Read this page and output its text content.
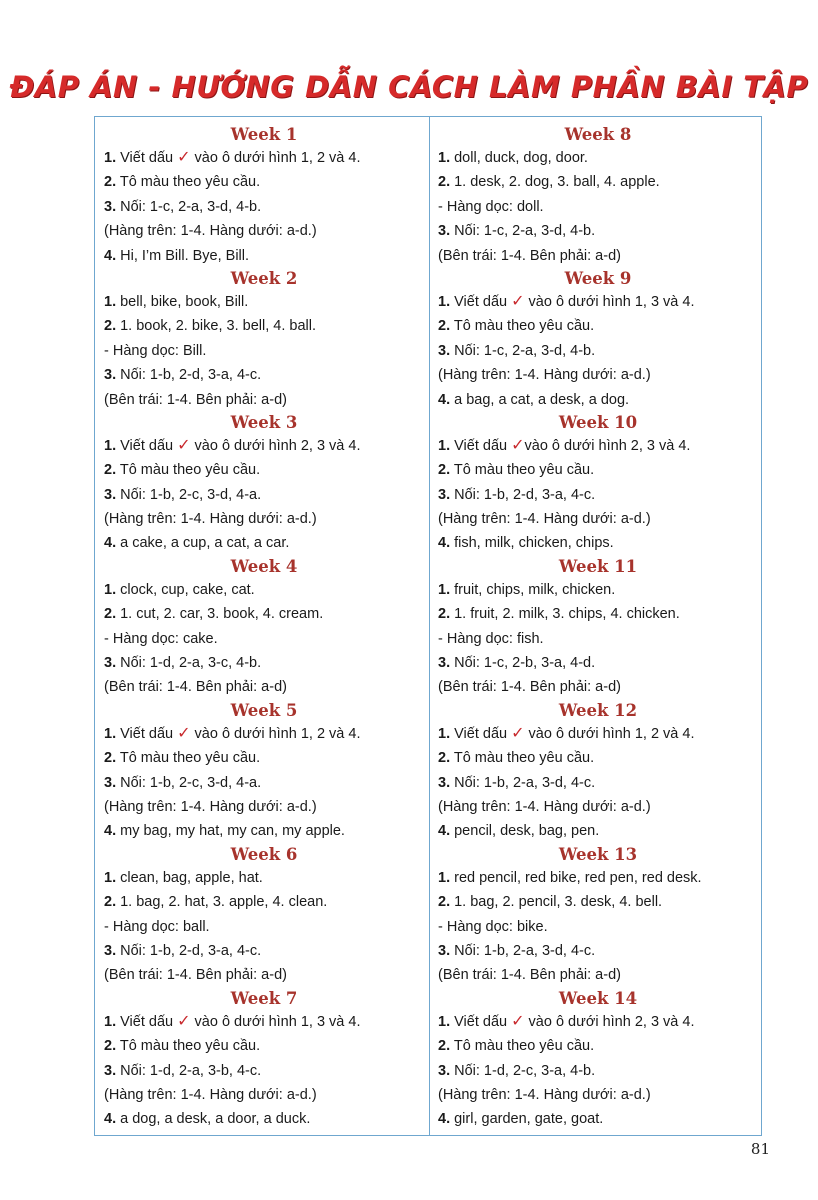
ĐÁP ÁN - HƯỚNG DẪN CÁCH LÀM PHẦN BÀI TẬP
Week 1
1. Viết dấu ✓ vào ô dưới hình 1, 2 và 4.
2. Tô màu theo yêu cầu.
3. Nối: 1-c, 2-a, 3-d, 4-b.
(Hàng trên: 1-4. Hàng dưới: a-d.)
4. Hi, I’m Bill. Bye, Bill.
Week 2
1. bell, bike, book, Bill.
2. 1. book, 2. bike, 3. bell, 4. ball.
- Hàng dọc: Bill.
3. Nối: 1-b, 2-d, 3-a, 4-c.
(Bên trái: 1-4. Bên phải: a-d)
Week 3
1. Viết dấu ✓ vào ô dưới hình 2, 3 và 4.
2. Tô màu theo yêu cầu.
3. Nối: 1-b, 2-c, 3-d, 4-a.
(Hàng trên: 1-4. Hàng dưới: a-d.)
4. a cake, a cup, a cat, a car.
Week 4
1. clock, cup, cake, cat.
2. 1. cut, 2. car, 3. book, 4. cream.
- Hàng dọc: cake.
3. Nối: 1-d, 2-a, 3-c, 4-b.
(Bên trái: 1-4. Bên phải: a-d)
Week 5
1. Viết dấu ✓ vào ô dưới hình 1, 2 và 4.
2. Tô màu theo yêu cầu.
3. Nối: 1-b, 2-c, 3-d, 4-a.
(Hàng trên: 1-4. Hàng dưới: a-d.)
4. my bag, my hat, my can, my apple.
Week 6
1. clean, bag, apple, hat.
2. 1. bag, 2. hat, 3. apple, 4. clean.
- Hàng dọc: ball.
3. Nối: 1-b, 2-d, 3-a, 4-c.
(Bên trái: 1-4. Bên phải: a-d)
Week 7
1. Viết dấu ✓ vào ô dưới hình 1, 3 và 4.
2. Tô màu theo yêu cầu.
3. Nối: 1-d, 2-a, 3-b, 4-c.
(Hàng trên: 1-4. Hàng dưới: a-d.)
4. a dog, a desk, a door, a duck.
Week 8
1. doll, duck, dog, door.
2. 1. desk, 2. dog, 3. ball, 4. apple.
- Hàng dọc: doll.
3. Nối: 1-c, 2-a, 3-d, 4-b.
(Bên trái: 1-4. Bên phải: a-d)
Week 9
1. Viết dấu ✓ vào ô dưới hình 1, 3 và 4.
2. Tô màu theo yêu cầu.
3. Nối: 1-c, 2-a, 3-d, 4-b.
(Hàng trên: 1-4. Hàng dưới: a-d.)
4. a bag, a cat, a desk, a dog.
Week 10
1. Viết dấu ✓vào ô dưới hình 2, 3 và 4.
2. Tô màu theo yêu cầu.
3. Nối: 1-b, 2-d, 3-a, 4-c.
(Hàng trên: 1-4. Hàng dưới: a-d.)
4. fish, milk, chicken, chips.
Week 11
1. fruit, chips, milk, chicken.
2. 1. fruit, 2. milk, 3. chips, 4. chicken.
- Hàng dọc: fish.
3. Nối: 1-c, 2-b, 3-a, 4-d.
(Bên trái: 1-4. Bên phải: a-d)
Week 12
1. Viết dấu ✓ vào ô dưới hình 1, 2 và 4.
2. Tô màu theo yêu cầu.
3. Nối: 1-b, 2-a, 3-d, 4-c.
(Hàng trên: 1-4. Hàng dưới: a-d.)
4. pencil, desk, bag, pen.
Week 13
1. red pencil, red bike, red pen, red desk.
2. 1. bag, 2. pencil, 3. desk, 4. bell.
- Hàng dọc: bike.
3. Nối: 1-b, 2-a, 3-d, 4-c.
(Bên trái: 1-4. Bên phải: a-d)
Week 14
1. Viết dấu ✓ vào ô dưới hình 2, 3 và 4.
2. Tô màu theo yêu cầu.
3. Nối: 1-d, 2-c, 3-a, 4-b.
(Hàng trên: 1-4. Hàng dưới: a-d.)
4. girl, garden, gate, goat.
81
